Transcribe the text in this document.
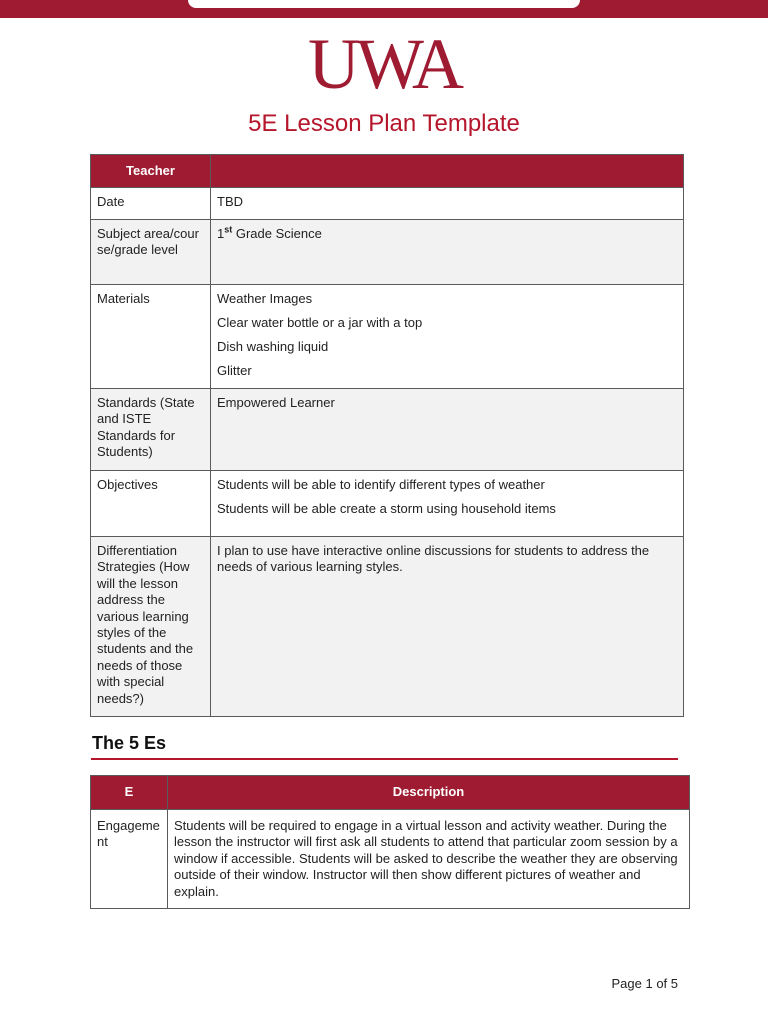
UWA
5E Lesson Plan Template
Teacher	
Date	TBD

Subject area/course/grade level	1st Grade Science
Materials	Weather Images
Clear water bottle or a jar with a top
Dish washing liquid
Glitter

Standards (State and ISTE Standards for Students)	Empowered Learner

Objectives	Students will be able to identify different types of weather
Students will be able create a storm using household items

Differentiation Strategies (How will the lesson address the various learning styles of the students and the needs of those with special needs?)	I plan to use have interactive online discussions for students to address the needs of various learning styles.
The 5 Es
E	Description
Engagement	Students will be required to engage in a virtual lesson and activity weather. During the lesson the instructor will first ask all students to attend that particular zoom session by a window if accessible. Students will be asked to describe the weather they are observing outside of their window. Instructor will then show different pictures of weather and explain.
Page 1 of 5
